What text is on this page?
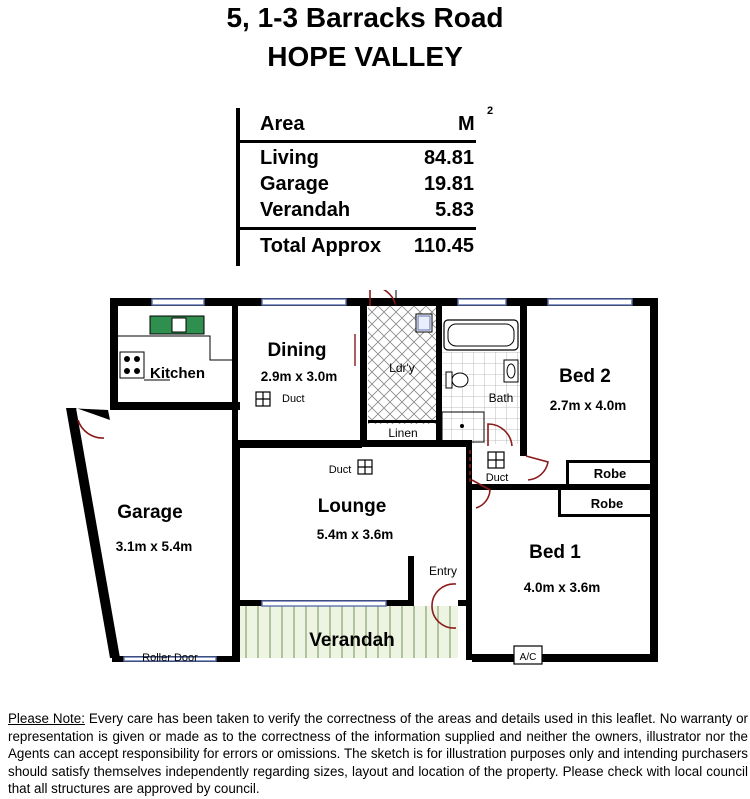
5, 1-3 Barracks Road
HOPE VALLEY
Area	M
2
Living	84.81
Garage	19.81
Verandah	5.83
Total Approx	110.45
Kitchen
Dining
2.9m x 3.0m
Duct
Ldr'y
Linen
Bath
Bed 2
2.7m x 4.0m
Robe
Robe
Duct
Garage
3.1m x 5.4m
Roller Door
Duct
Lounge
5.4m x 3.6m
Entry
Bed 1
4.0m x 3.6m
Verandah
A/C
Please Note: Every care has been taken to verify the correctness of the areas and details used in this leaflet. No warranty or representation is given or made as to the correctness of the information supplied and neither the owners, illustrator nor the Agents can accept responsibility for errors or omissions. The sketch is for illustration purposes only and intending purchasers should satisfy themselves independently regarding sizes, layout and location of the property. Please check with local council that all structures are approved by council.
